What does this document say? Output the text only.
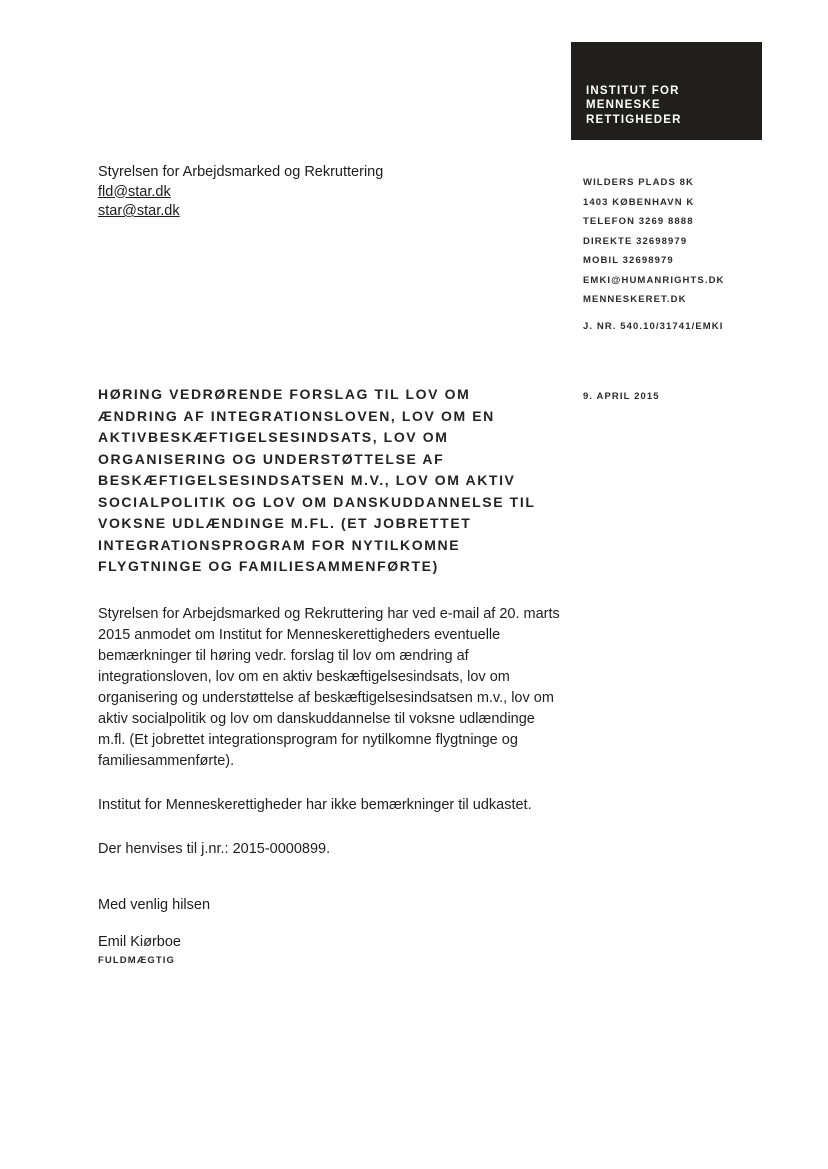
INSTITUT FOR
MENNESKE
RETTIGHEDER
Styrelsen for Arbejdsmarked og Rekruttering
fld@star.dk
star@star.dk
WILDERS PLADS 8K
1403 KØBENHAVN K
TELEFON 3269 8888
DIREKTE 32698979
MOBIL 32698979
EMKI@HUMANRIGHTS.DK
MENNESKERET.DK
J. NR. 540.10/31741/EMKI
9. APRIL 2015
HØRING VEDRØRENDE FORSLAG TIL LOV OM ÆNDRING AF INTEGRATIONSLOVEN, LOV OM EN AKTIVBESKÆFTIGELSESINDSATS, LOV OM ORGANISERING OG UNDERSTØTTELSE AF BESKÆFTIGELSESINDSATSEN M.V., LOV OM AKTIV SOCIALPOLITIK OG LOV OM DANSKUDDANNELSE TIL VOKSNE UDLÆNDINGE M.FL. (ET JOBRETTET INTEGRATIONSPROGRAM FOR NYTILKOMNE FLYGTNINGE OG FAMILIESAMMENFØRTE)

Styrelsen for Arbejdsmarked og Rekruttering har ved e-mail af 20. marts 2015 anmodet om Institut for Menneskerettigheders eventuelle bemærkninger til høring vedr. forslag til lov om ændring af integrationsloven, lov om en aktiv beskæftigelsesindsats, lov om organisering og understøttelse af beskæftigelsesindsatsen m.v., lov om aktiv socialpolitik og lov om danskuddannelse til voksne udlændinge m.fl. (Et jobrettet integrationsprogram for nytilkomne flygtninge og familiesammenførte).

Institut for Menneskerettigheder har ikke bemærkninger til udkastet.

Der henvises til j.nr.: 2015-0000899.

Med venlig hilsen
Emil Kiørboe
FULDMÆGTIG
